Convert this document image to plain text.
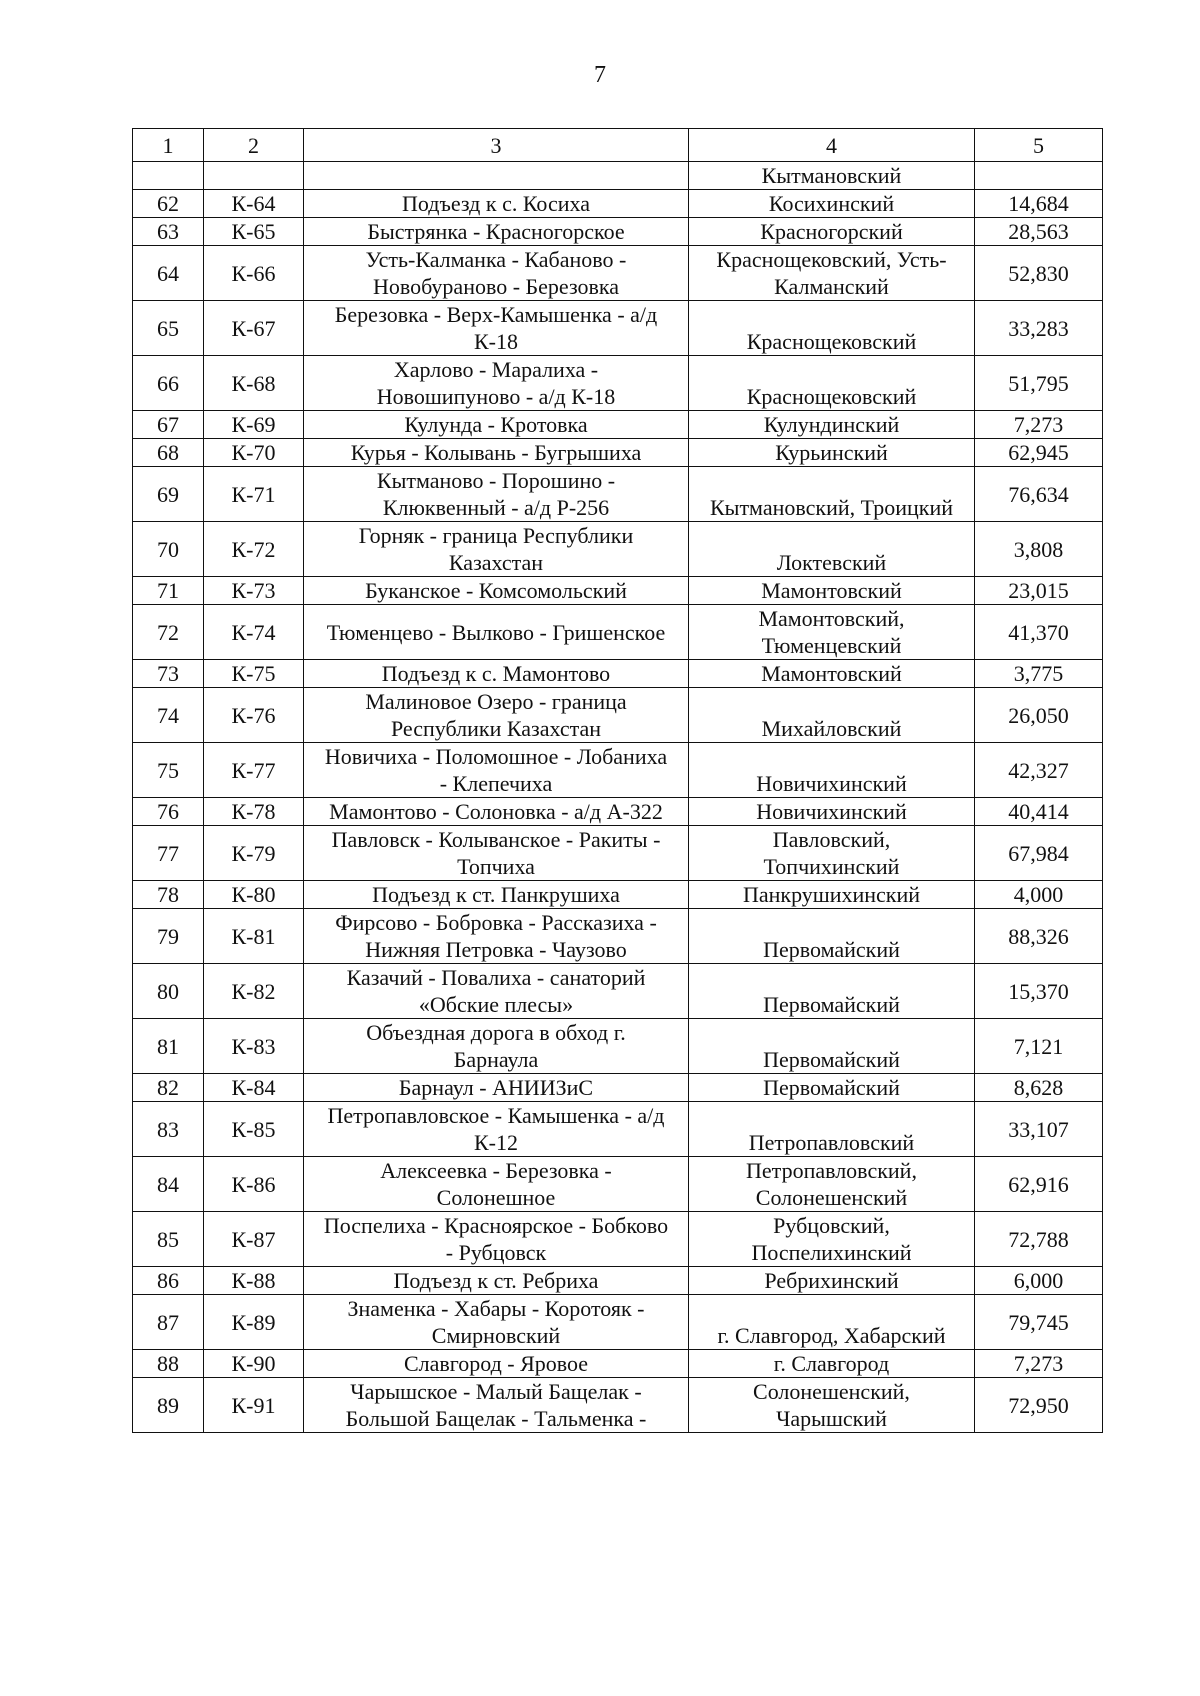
7
1	2	3	4	5

			Кытмановский	

62	К-64	Подъезд к с. Косиха	Косихинский	14,684
63	К-65	Быстрянка - Красногорское	Красногорский	28,563
64	К-66	Усть-Калманка - Кабаново -
Новобураново - Березовка	Краснощековский, Усть-
Калманский	52,830
65	К-67	Березовка - Верх-Камышенка - а/д
К-18	Краснощековский	33,283
66	К-68	Харлово - Маралиха -
Новошипуново - а/д К-18	Краснощековский	51,795
67	К-69	Кулунда - Кротовка	Кулундинский	7,273
68	К-70	Курья - Колывань - Бугрышиха	Курьинский	62,945
69	К-71	Кытманово - Порошино -
Клюквенный - а/д Р-256	Кытмановский, Троицкий	76,634
70	К-72	Горняк - граница Республики
Казахстан	Локтевский	3,808
71	К-73	Буканское - Комсомольский	Мамонтовский	23,015
72	К-74	Тюменцево - Вылково - Гришенское	Мамонтовский,
Тюменцевский	41,370
73	К-75	Подъезд к с. Мамонтово	Мамонтовский	3,775
74	К-76	Малиновое Озеро - граница
Республики Казахстан	Михайловский	26,050
75	К-77	Новичиха - Поломошное - Лобаниха
- Клепечиха	Новичихинский	42,327
76	К-78	Мамонтово - Солоновка - а/д А-322	Новичихинский	40,414
77	К-79	Павловск - Колыванское - Ракиты -
Топчиха	Павловский,
Топчихинский	67,984
78	К-80	Подъезд к ст. Панкрушиха	Панкрушихинский	4,000
79	К-81	Фирсово - Бобровка - Рассказиха -
Нижняя Петровка - Чаузово	Первомайский	88,326
80	К-82	Казачий - Повалиха - санаторий
«Обские плесы»	Первомайский	15,370
81	К-83	Объездная дорога в обход г.
Барнаула	Первомайский	7,121
82	К-84	Барнаул - АНИИЗиС	Первомайский	8,628
83	К-85	Петропавловское - Камышенка - а/д
К-12	Петропавловский	33,107
84	К-86	Алексеевка - Березовка -
Солонешное	Петропавловский,
Солонешенский	62,916
85	К-87	Поспелиха - Красноярское - Бобково
- Рубцовск	Рубцовский,
Поспелихинский	72,788
86	К-88	Подъезд к ст. Ребриха	Ребрихинский	6,000
87	К-89	Знаменка - Хабары - Коротояк -
Смирновский	г. Славгород, Хабарский	79,745
88	К-90	Славгород - Яровое	г. Славгород	7,273
89	К-91	Чарышское - Малый Бащелак -
Большой Бащелак - Тальменка -	Солонешенский,
Чарышский	72,950
